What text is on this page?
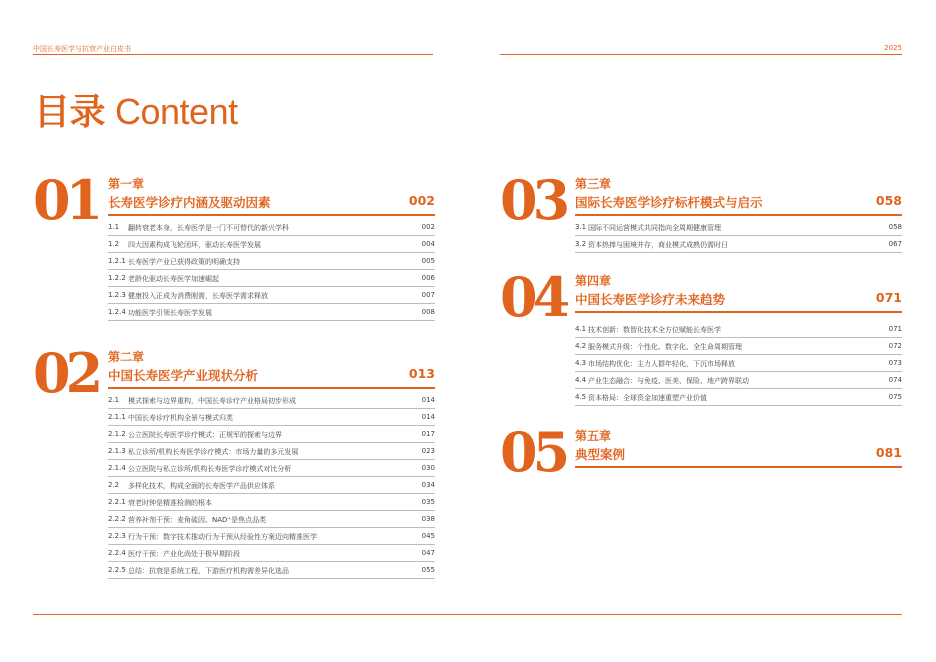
中国长寿医学与抗衰产业白皮书	2025
目录 Content
01 第一章
长寿医学诊疗内涵及驱动因素	002
1.1 翻转衰老本身，长寿医学是一门不可替代的新兴学科	002
1.2 四大因素构成飞轮闭环，驱动长寿医学发展	004
1.2.1 长寿医学产业已获得政策的明确支持	005
1.2.2 老龄化驱动长寿医学加速崛起	006
1.2.3 健康投入正成为消费刚需，长寿医学需求释放	007
1.2.4 功能医学引领长寿医学发展	008
02 第二章
中国长寿医学产业现状分析	013
2.1 模式探索与边界重构，中国长寿诊疗产业格局初步形成	014
2.1.1 中国长寿诊疗机构全景与模式归类	014
2.1.2 公立医院长寿医学诊疗模式：正规军的探索与边界	017
2.1.3 私立诊所/机构长寿医学诊疗模式：市场力量的多元发展	023
2.1.4 公立医院与私立诊所/机构长寿医学诊疗模式对比分析	030
2.2 多样化技术，构成全面的长寿医学产品供应体系	034
2.2.1 衰老时钟是精准检测的根本	035
2.2.2 营养补剂干预：麦角硫因、NAD⁺是焦点品类	038
2.2.3 行为干预：数字技术推动行为干预从经验性方案迈向精准医学	045
2.2.4 医疗干预：产业化尚处于极早期阶段	047
2.2.5 总结：抗衰是系统工程，下游医疗机构需差异化选品	055
03 第三章
国际长寿医学诊疗标杆模式与启示	058
3.1 国际不同运营模式共同指向全周期健康管理	058
3.2 资本热捧与困境并存，商业模式成熟仍需时日	067
04 第四章
中国长寿医学诊疗未来趋势	071
4.1 技术创新：数智化技术全方位赋能长寿医学	071
4.2 服务模式升级：个性化、数字化、全生命周期管理	072
4.3 市场结构优化：主力人群年轻化，下沉市场释放	073
4.4 产业生态融合：与免疫、医美、保险、地产跨界联动	074
4.5 资本格局：全球资金加速重塑产业价值	075
05 第五章
典型案例	081
